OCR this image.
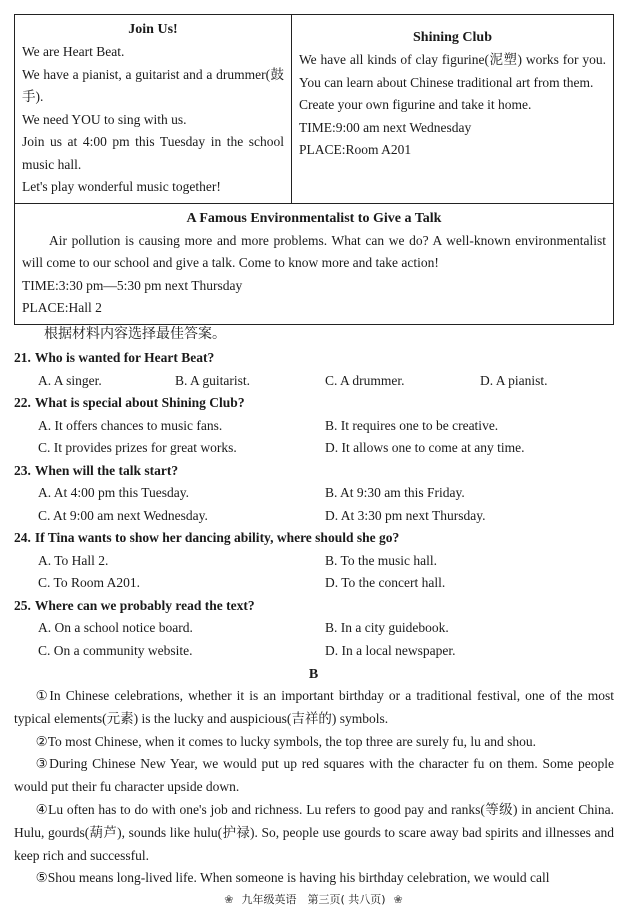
Join Us!
We are Heart Beat.
We have a pianist, a guitarist and a drummer(鼓手).
We need YOU to sing with us.
Join us at 4:00 pm this Tuesday in the school music hall.
Let's play wonderful music together!
Shining Club
We have all kinds of clay figurine(泥塑) works for you. You can learn about Chinese traditional art from them.
Create your own figurine and take it home.
TIME:9:00 am next Wednesday
PLACE:Room A201
A Famous Environmentalist to Give a Talk
Air pollution is causing more and more problems. What can we do? A well-known environmentalist will come to our school and give a talk. Come to know more and take action!
TIME:3:30 pm—5:30 pm next Thursday
PLACE:Hall 2
根据材料内容选择最佳答案。
21. Who is wanted for Heart Beat?
A. A singer.	B. A guitarist.	C. A drummer.	D. A pianist.
22. What is special about Shining Club?
A. It offers chances to music fans.	B. It requires one to be creative.
C. It provides prizes for great works.	D. It allows one to come at any time.
23. When will the talk start?
A. At 4:00 pm this Tuesday.	B. At 9:30 am this Friday.
C. At 9:00 am next Wednesday.	D. At 3:30 pm next Thursday.
24. If Tina wants to show her dancing ability, where should she go?
A. To Hall 2.	B. To the music hall.
C. To Room A201.	D. To the concert hall.
25. Where can we probably read the text?
A. On a school notice board.	B. In a city guidebook.
C. On a community website.	D. In a local newspaper.
B

①In Chinese celebrations, whether it is an important birthday or a traditional festival, one of the most typical elements(元素) is the lucky and auspicious(吉祥的) symbols.

②To most Chinese, when it comes to lucky symbols, the top three are surely fu, lu and shou.

③During Chinese New Year, we would put up red squares with the character fu on them. Some people would put their fu character upside down.

④Lu often has to do with one's job and richness. Lu refers to good pay and ranks(等级) in ancient China. Hulu, gourds(葫芦), sounds like hulu(护禄). So, people use gourds to scare away bad spirits and illnesses and keep rich and successful.

⑤Shou means long-lived life. When someone is having his birthday celebration, we would call

❀ 九年级英语　第三页( 共八页) ❀
